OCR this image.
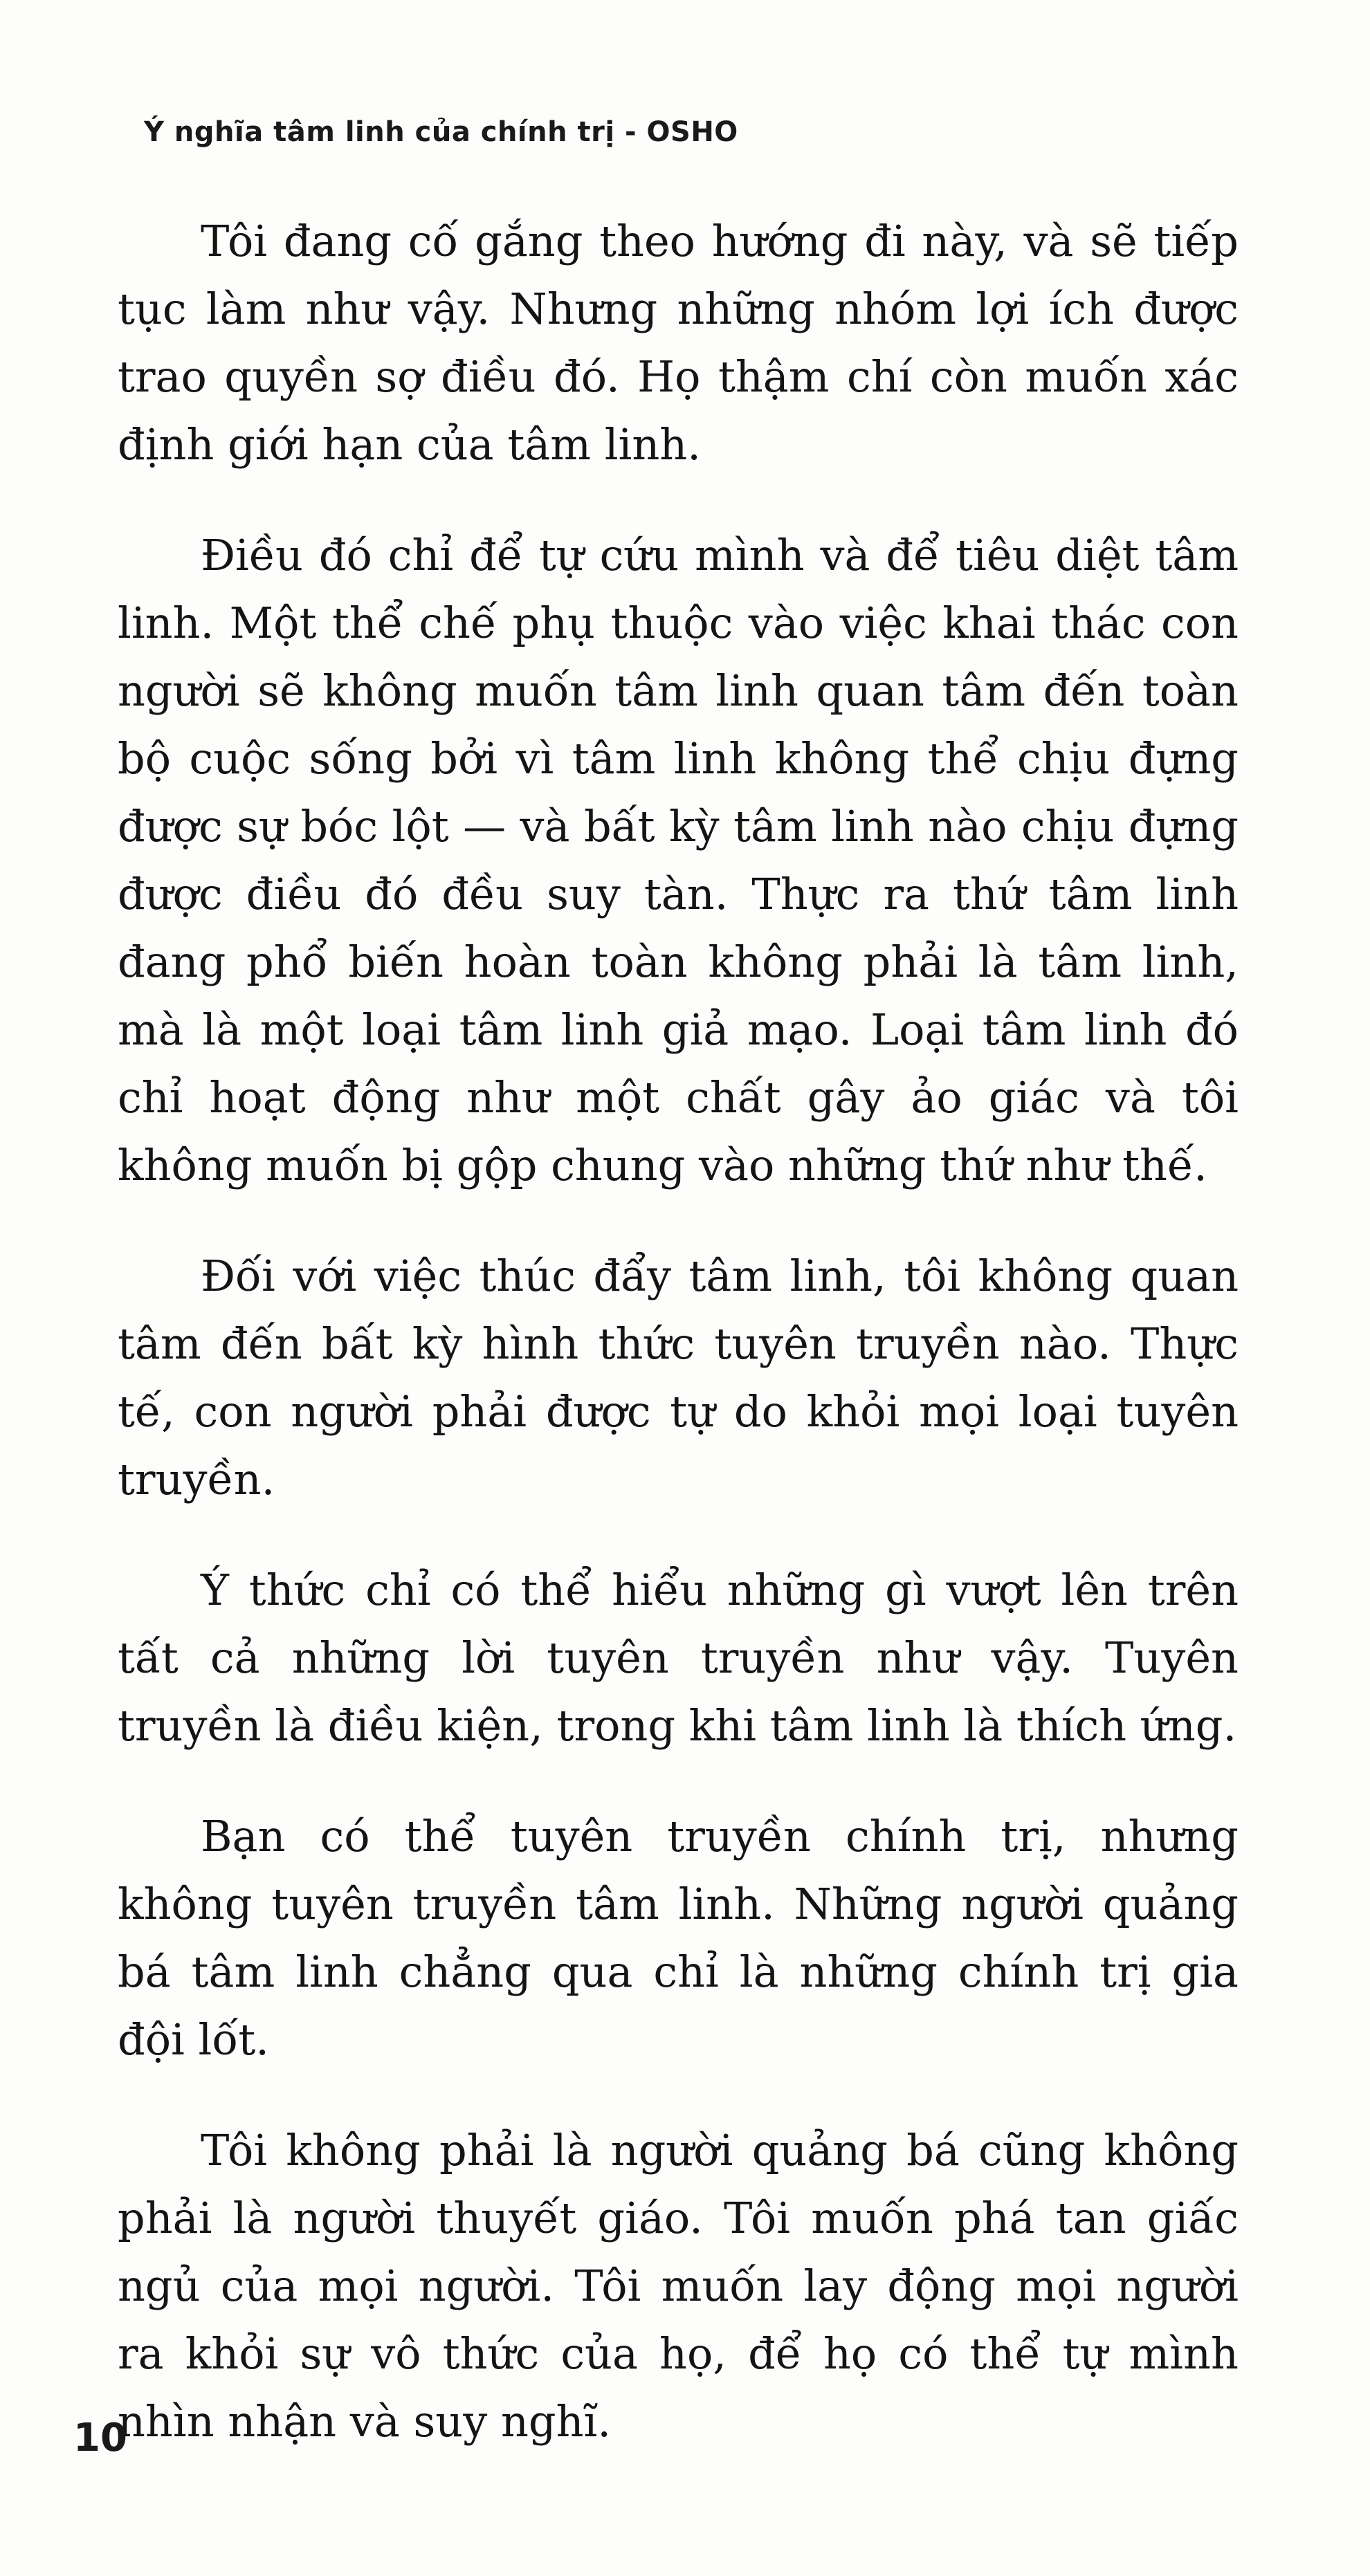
Ý nghĩa tâm linh của chính trị - OSHO

Tôi đang cố gắng theo hướng đi này, và sẽ tiếp tục làm như vậy. Nhưng những nhóm lợi ích được trao quyền sợ điều đó. Họ thậm chí còn muốn xác định giới hạn của tâm linh.

Điều đó chỉ để tự cứu mình và để tiêu diệt tâm linh. Một thể chế phụ thuộc vào việc khai thác con người sẽ không muốn tâm linh quan tâm đến toàn bộ cuộc sống bởi vì tâm linh không thể chịu đựng được sự bóc lột — và bất kỳ tâm linh nào chịu đựng được điều đó đều suy tàn. Thực ra thứ tâm linh đang phổ biến hoàn toàn không phải là tâm linh, mà là một loại tâm linh giả mạo. Loại tâm linh đó chỉ hoạt động như một chất gây ảo giác và tôi không muốn bị gộp chung vào những thứ như thế.

Đối với việc thúc đẩy tâm linh, tôi không quan tâm đến bất kỳ hình thức tuyên truyền nào. Thực tế, con người phải được tự do khỏi mọi loại tuyên truyền.

Ý thức chỉ có thể hiểu những gì vượt lên trên tất cả những lời tuyên truyền như vậy. Tuyên truyền là điều kiện, trong khi tâm linh là thích ứng.

Bạn có thể tuyên truyền chính trị, nhưng không tuyên truyền tâm linh. Những người quảng bá tâm linh chẳng qua chỉ là những chính trị gia đội lốt.

Tôi không phải là người quảng bá cũng không phải là người thuyết giáo. Tôi muốn phá tan giấc ngủ của mọi người. Tôi muốn lay động mọi người ra khỏi sự vô thức của họ, để họ có thể tự mình nhìn nhận và suy nghĩ.

10
